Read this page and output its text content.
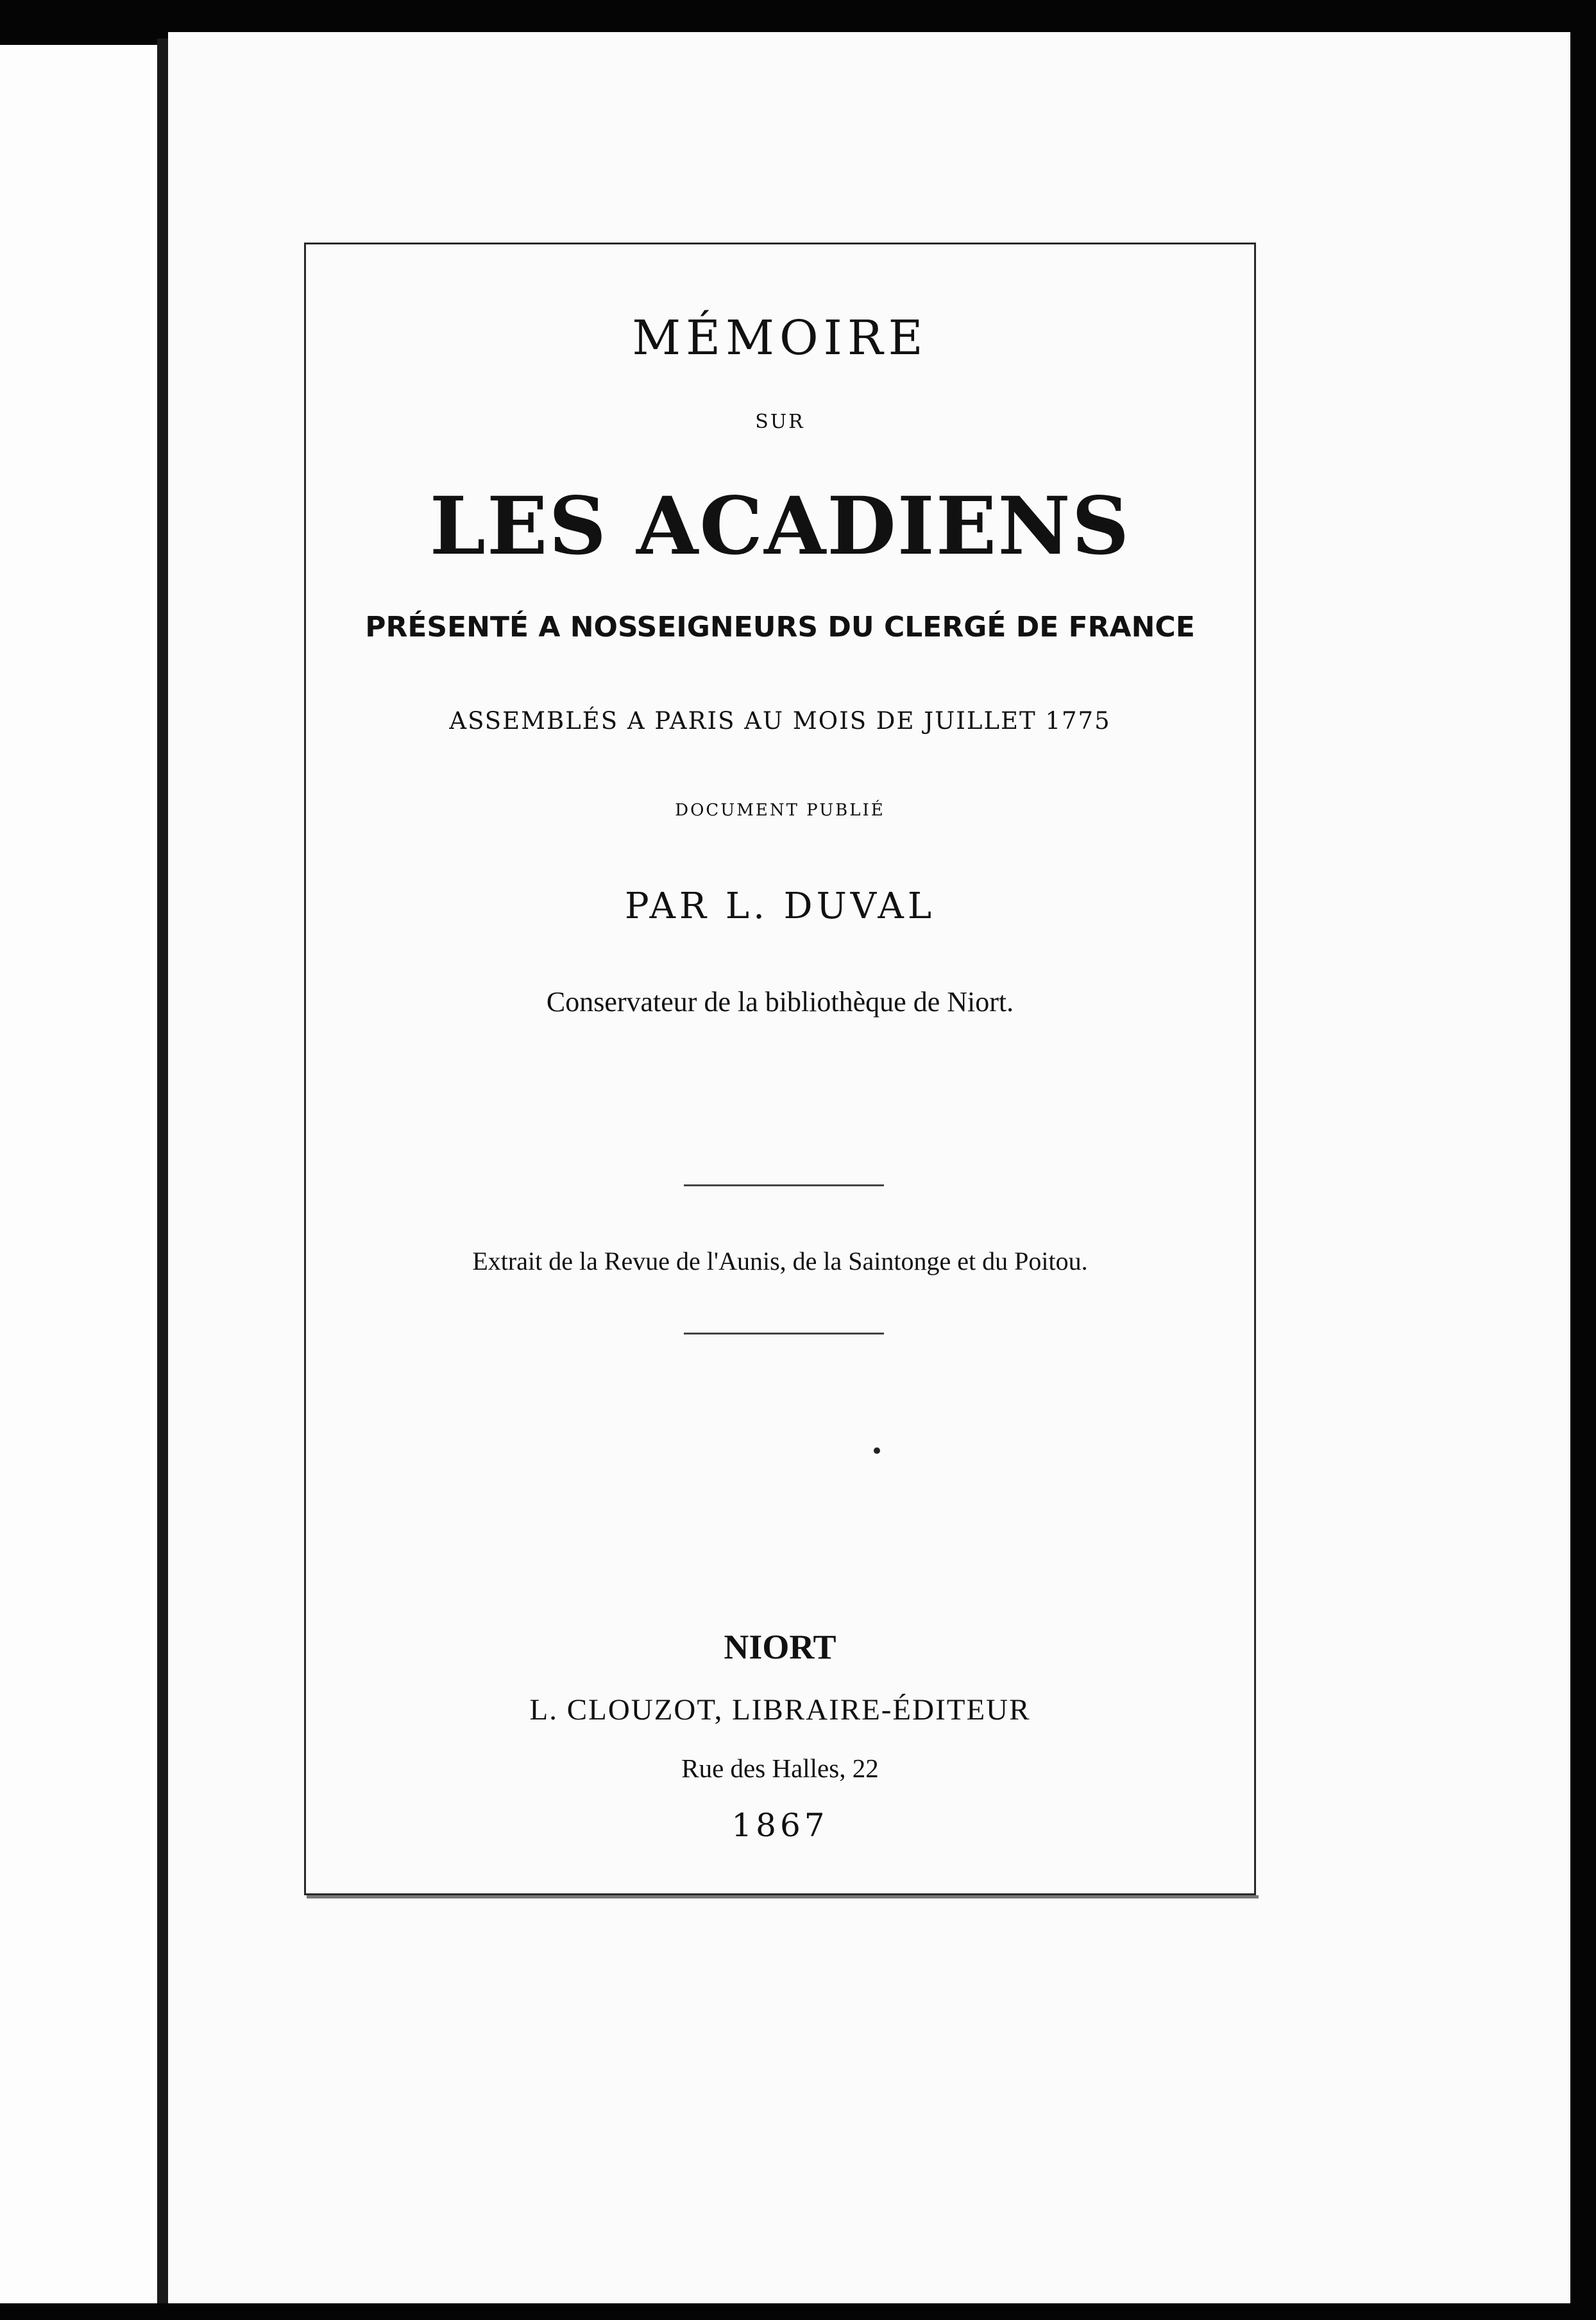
MÉMOIRE

SUR

LES ACADIENS

PRÉSENTÉ A NOSSEIGNEURS DU CLERGÉ DE FRANCE

ASSEMBLÉS A PARIS AU MOIS DE JUILLET 1775

DOCUMENT PUBLIÉ

PAR L. DUVAL

Conservateur de la bibliothèque de Niort.

Extrait de la Revue de l'Aunis, de la Saintonge et du Poitou.

NIORT

L. CLOUZOT, LIBRAIRE-ÉDITEUR

Rue des Halles, 22

1867
